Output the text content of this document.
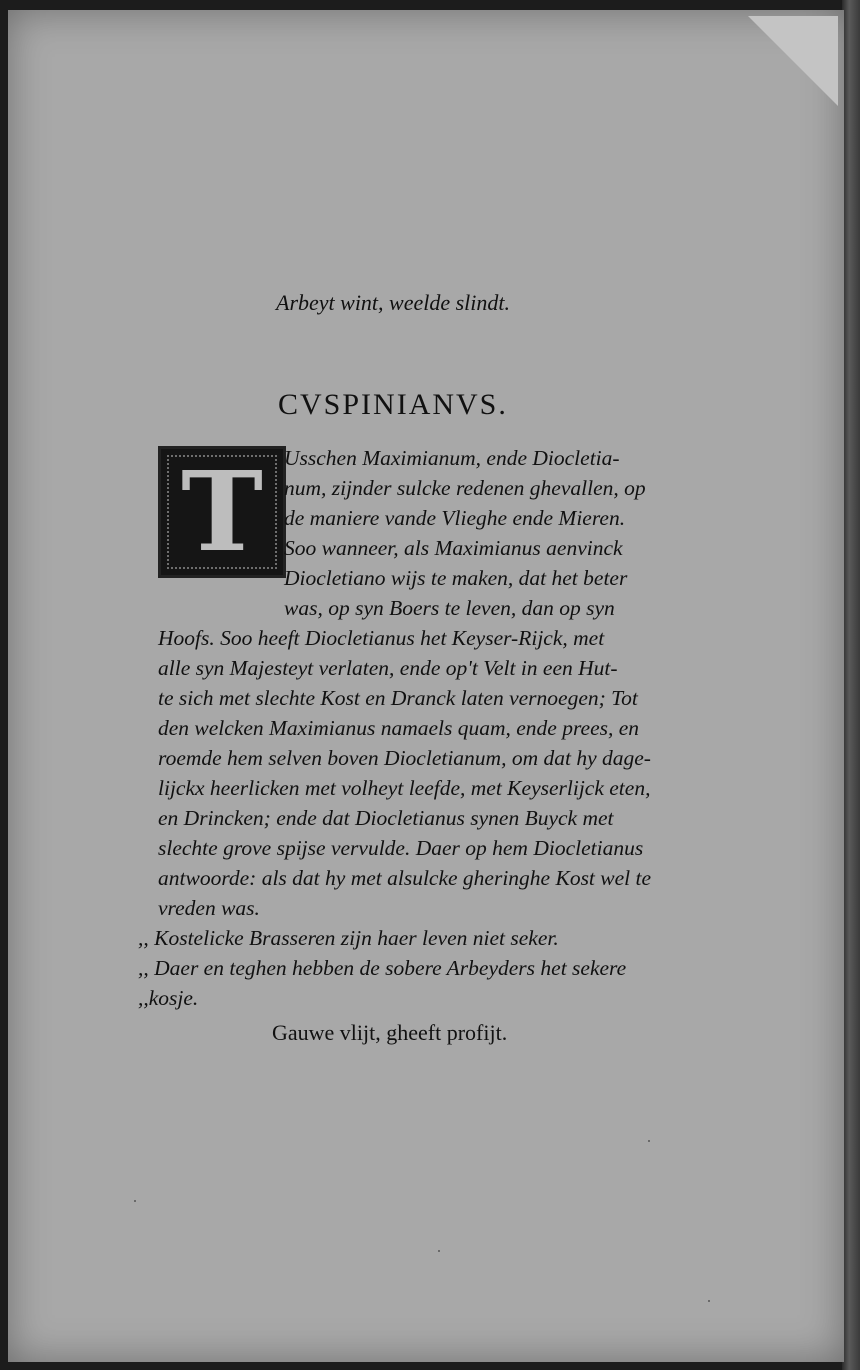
Arbeyt wint, weelde slindt.

CVSPINIANVS.
T Usschen Maximianum, ende Diocletia-

num, zijnder sulcke redenen ghevallen, op

de maniere vande Vlieghe ende Mieren.

Soo wanneer, als Maximianus aenvinck

Diocletiano wijs te maken, dat het beter

was, op syn Boers te leven, dan op syn

Hoofs. Soo heeft Diocletianus het Keyser-Rijck, met

alle syn Majesteyt verlaten, ende op't Velt in een Hut-

te sich met slechte Kost en Dranck laten vernoegen; Tot

den welcken Maximianus namaels quam, ende prees, en

roemde hem selven boven Diocletianum, om dat hy dage-

lijckx heerlicken met volheyt leefde, met Keyserlijck eten,

en Drincken; ende dat Diocletianus synen Buyck met

slechte grove spijse vervulde. Daer op hem Diocletianus

antwoorde: als dat hy met alsulcke gheringhe Kost wel te

vreden was.

,, Kostelicke Brasseren zijn haer leven niet seker.

,, Daer en teghen hebben de sobere Arbeyders het sekere

,,kosje.

Gauwe vlijt, gheeft profijt.
